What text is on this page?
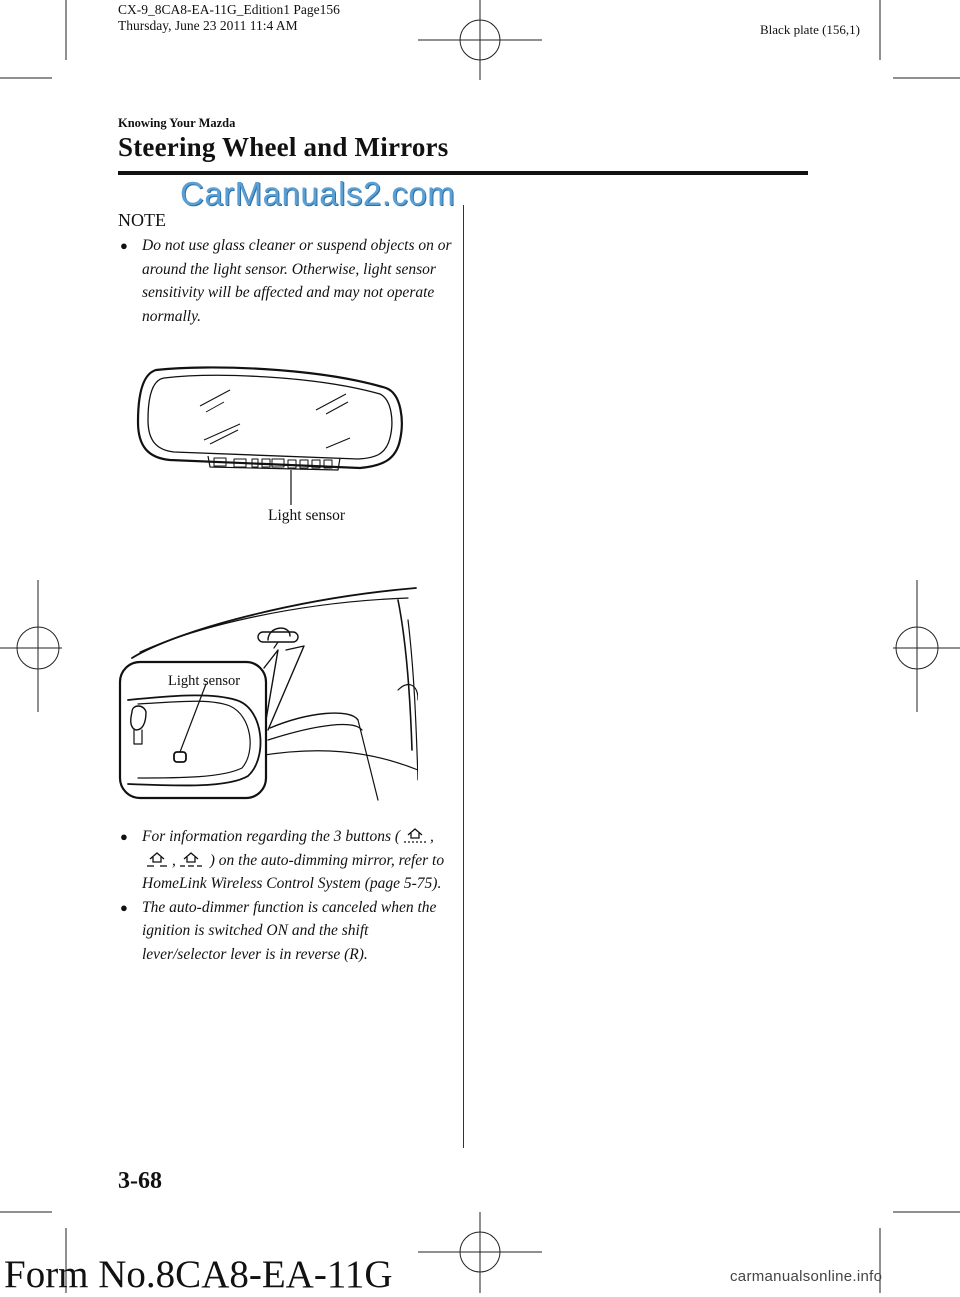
CX-9_8CA8-EA-11G_Edition1 Page156
Thursday, June 23 2011 11:4 AM	Black plate (156,1)
Knowing Your Mazda
Steering Wheel and Mirrors
CarManuals2.com
NOTE
● Do not use glass cleaner or suspend objects on or around the light sensor. Otherwise, light sensor sensitivity will be affected and may not operate normally.
Light sensor
Light sensor
● For information regarding the 3 buttons ( ,, ) on the auto-dimming mirror, refer to HomeLink Wireless Control System (page 5-75).
● The auto-dimmer function is canceled when the ignition is switched ON and the shift lever/selector lever is in reverse (R).
3-68
Form No.8CA8-EA-11G	carmanualsonline.info
